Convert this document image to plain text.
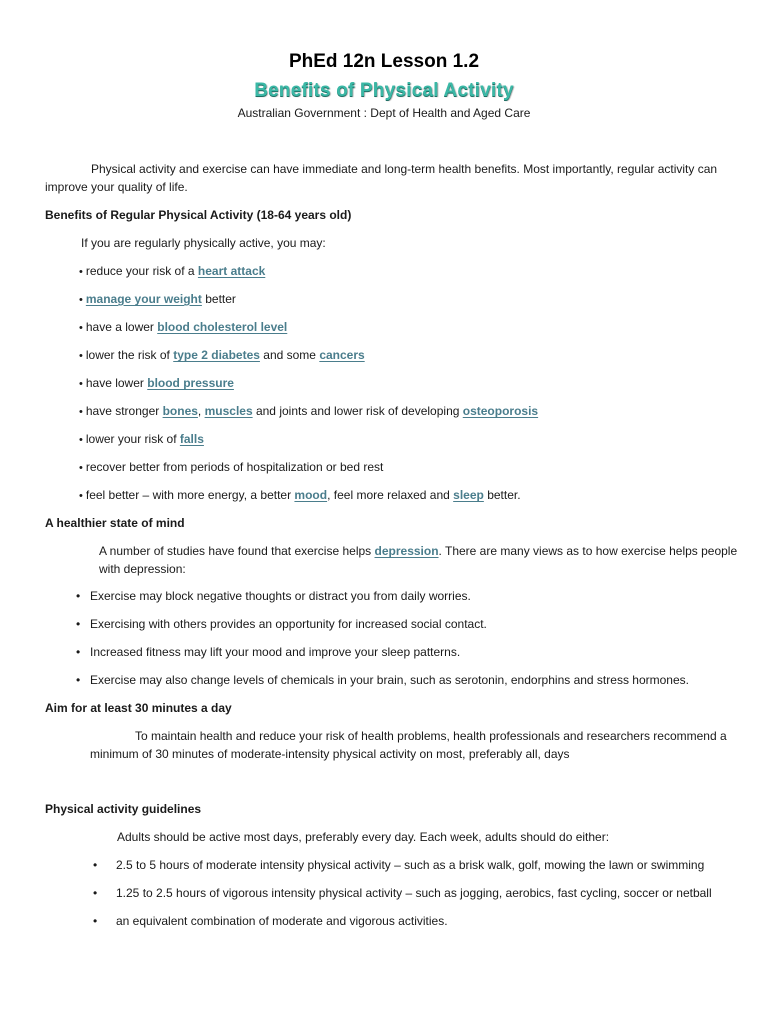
PhEd 12n Lesson 1.2
Benefits of Physical Activity
Australian Government : Dept of Health and Aged Care
Physical activity and exercise can have immediate and long-term health benefits. Most importantly, regular activity can
improve your quality of life.
Benefits of Regular Physical Activity (18-64 years old)
If you are regularly physically active, you may:
• reduce your risk of a heart attack
• manage your weight better
• have a lower blood cholesterol level
• lower the risk of type 2 diabetes and some cancers
• have lower blood pressure
• have stronger bones, muscles and joints and lower risk of developing osteoporosis
• lower your risk of falls
• recover better from periods of hospitalization or bed rest
• feel better – with more energy, a better mood, feel more relaxed and sleep better.
A healthier state of mind
A number of studies have found that exercise helps depression. There are many views as to how exercise helps people
with depression:
• Exercise may block negative thoughts or distract you from daily worries.
• Exercising with others provides an opportunity for increased social contact.
• Increased fitness may lift your mood and improve your sleep patterns.
• Exercise may also change levels of chemicals in your brain, such as serotonin, endorphins and stress hormones.
Aim for at least 30 minutes a day
To maintain health and reduce your risk of health problems, health professionals and researchers recommend a
minimum of 30 minutes of moderate-intensity physical activity on most, preferably all, days
Physical activity guidelines
Adults should be active most days, preferably every day. Each week, adults should do either:
• 2.5 to 5 hours of moderate intensity physical activity – such as a brisk walk, golf, mowing the lawn or swimming
• 1.25 to 2.5 hours of vigorous intensity physical activity – such as jogging, aerobics, fast cycling, soccer or netball
• an equivalent combination of moderate and vigorous activities.
